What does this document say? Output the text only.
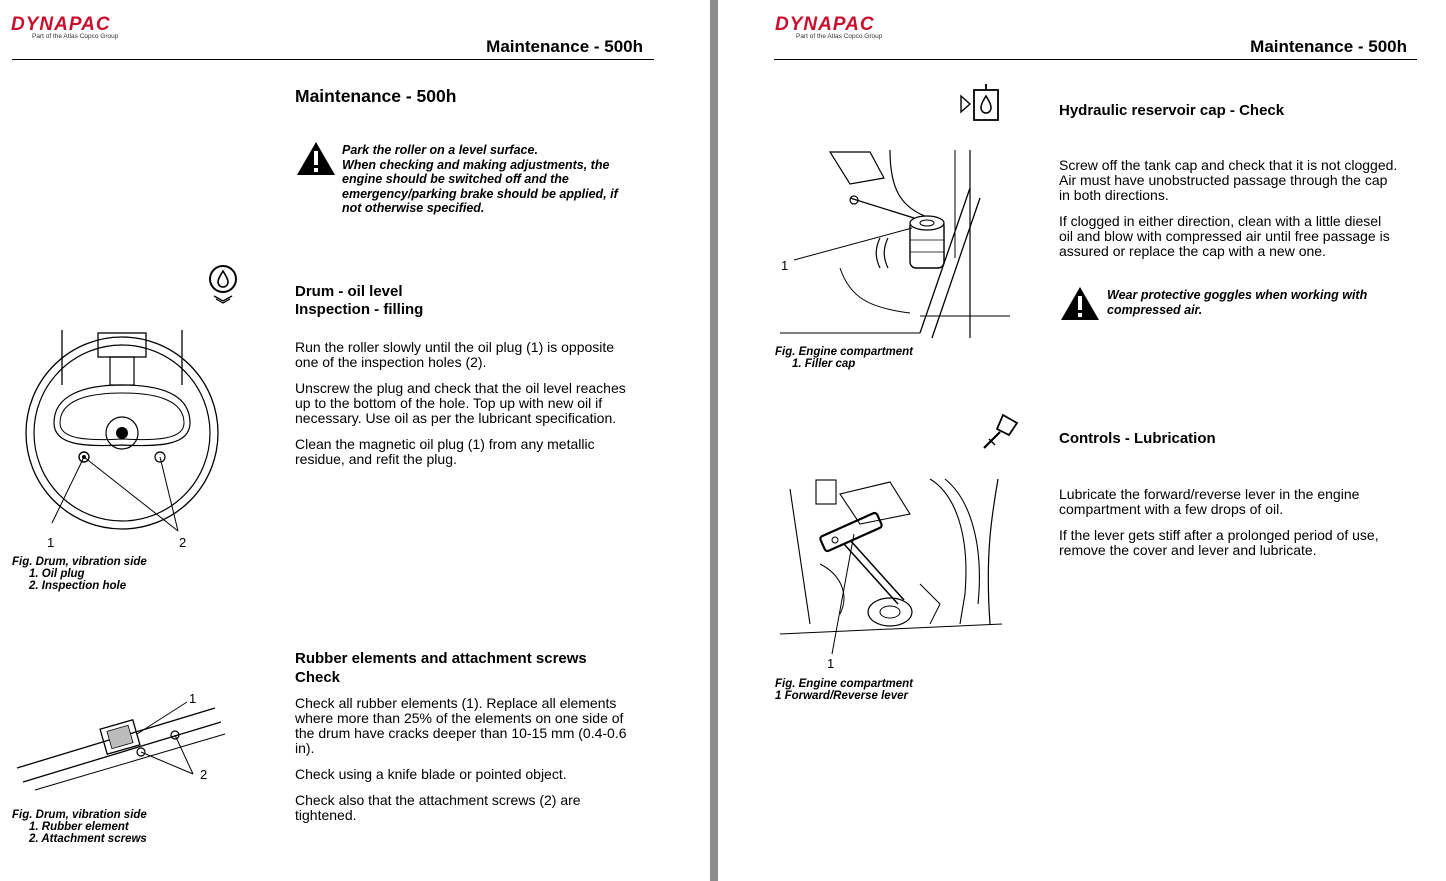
DYNAPAC
Part of the Atlas Copco Group
Maintenance - 500h
Maintenance - 500h
Park the roller on a level surface.
When checking and making adjustments, the
engine should be switched off and the
emergency/parking brake should be applied, if
not otherwise specified.
Drum - oil level
Inspection - filling

Run the roller slowly until the oil plug (1) is opposite
one of the inspection holes (2).

Unscrew the plug and check that the oil level reaches
up to the bottom of the hole. Top up with new oil if
necessary. Use oil as per the lubricant specification.

Clean the magnetic oil plug (1) from any metallic
residue, and refit the plug.

1	2
Fig. Drum, vibration side
1. Oil plug
2. Inspection hole
Rubber elements and attachment screws
Check

Check all rubber elements (1). Replace all elements
where more than 25% of the elements on one side of
the drum have cracks deeper than 10-15 mm (0.4-0.6
in).

Check using a knife blade or pointed object.

Check also that the attachment screws (2) are
tightened.

1
2
Fig. Drum, vibration side
1. Rubber element
2. Attachment screws
DYNAPAC
Part of the Atlas Copco Group
Maintenance - 500h
Hydraulic reservoir cap - Check

Screw off the tank cap and check that it is not clogged.
Air must have unobstructed passage through the cap
in both directions.

If clogged in either direction, clean with a little diesel
oil and blow with compressed air until free passage is
assured or replace the cap with a new one.

Wear protective goggles when working with
compressed air.
1
Fig. Engine compartment
1. Filler cap
Controls - Lubrication

Lubricate the forward/reverse lever in the engine
compartment with a few drops of oil.

If the lever gets stiff after a prolonged period of use,
remove the cover and lever and lubricate.

1
Fig. Engine compartment
1 Forward/Reverse lever
